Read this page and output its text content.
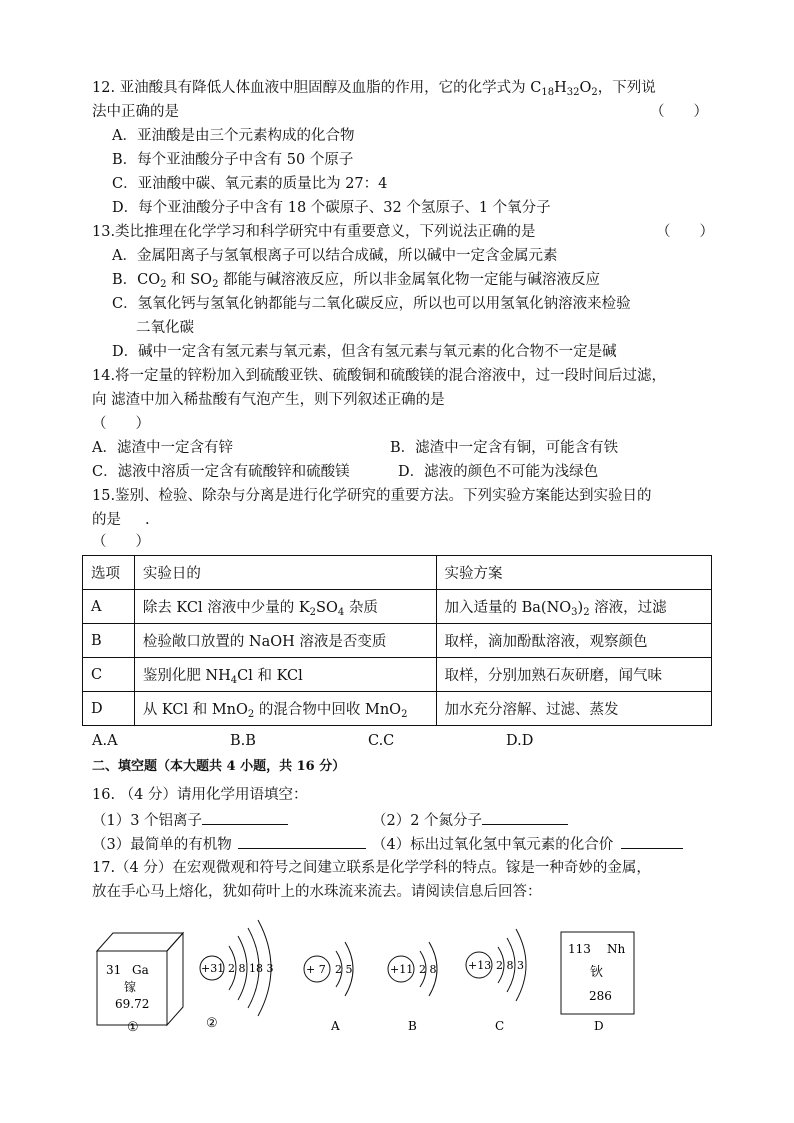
12. 亚油酸具有降低人体血液中胆固醇及血脂的作用，它的化学式为 $C_{18}H_{32}O_2$，下列说
法中正确的是	（　　）
A．亚油酸是由三个元素构成的化合物
B．每个亚油酸分子中含有 50 个原子
C．亚油酸中碳、氧元素的质量比为 27：4
D．每个亚油酸分子中含有 18 个碳原子、32 个氢原子、1 个氧分子
13.类比推理在化学学习和科学研究中有重要意义，下列说法正确的是	（　　）
A．金属阳离子与氢氧根离子可以结合成碱，所以碱中一定含金属元素
B．$CO_2$ 和 $SO_2$ 都能与碱溶液反应，所以非金属氧化物一定能与碱溶液反应
C．氢氧化钙与氢氧化钠都能与二氧化碳反应，所以也可以用氢氧化钠溶液来检验
二氧化碳
D．碱中一定含有氢元素与氧元素，但含有氢元素与氧元素的化合物不一定是碱
14.将一定量的锌粉加入到硫酸亚铁、硫酸铜和硫酸镁的混合溶液中，过一段时间后过滤，
向 滤渣中加入稀盐酸有气泡产生，则下列叙述正确的是
（　　）
A．滤渣中一定含有锌	B．滤渣中一定含有铜，可能含有铁
C．滤液中溶质一定含有硫酸锌和硫酸镁	D．滤液的颜色不可能为浅绿色
15.鉴别、检验、除杂与分离是进行化学研究的重要方法。下列实验方案能达到实验日的
的是 .
（　　）
选项	实验日的	实验方案
A	除去 KCl 溶液中少量的 $K_2SO_4$ 杂质	加入适量的 $Ba(NO_3)_2$ 溶液，过滤
B	检验敞口放置的 NaOH 溶液是否变质	取样，滴加酚酞溶液，观察颜色
C	鉴别化肥 $NH_4Cl$ 和 KCl	取样，分别加熟石灰研磨，闻气味
D	从 KCl 和 MnO$_2$ 的混合物中回收 MnO$_2$	加水充分溶解、过滤、蒸发
A.A	B.B	C.C	D.D
二、填空题（本大题共 4 小题，共 16 分）
16. （4 分）请用化学用语填空：
（1）3 个铝离子	（2）2 个氮分子
（3）最简单的有机物	（4）标出过氧化氢中氧元素的化合价
17.（4 分）在宏观微观和符号之间建立联系是化学学科的特点。镓是一种奇妙的金属，
放在手心马上熔化，犹如荷叶上的水珠流来流去。请阅读信息后回答：
31 Ga
镓
69.72
①
+31 2 8 18 3
②
+ 7 2 5
A
+11 2 8
B
+13 2 8 3
C
113 Nh
钬
286
D
